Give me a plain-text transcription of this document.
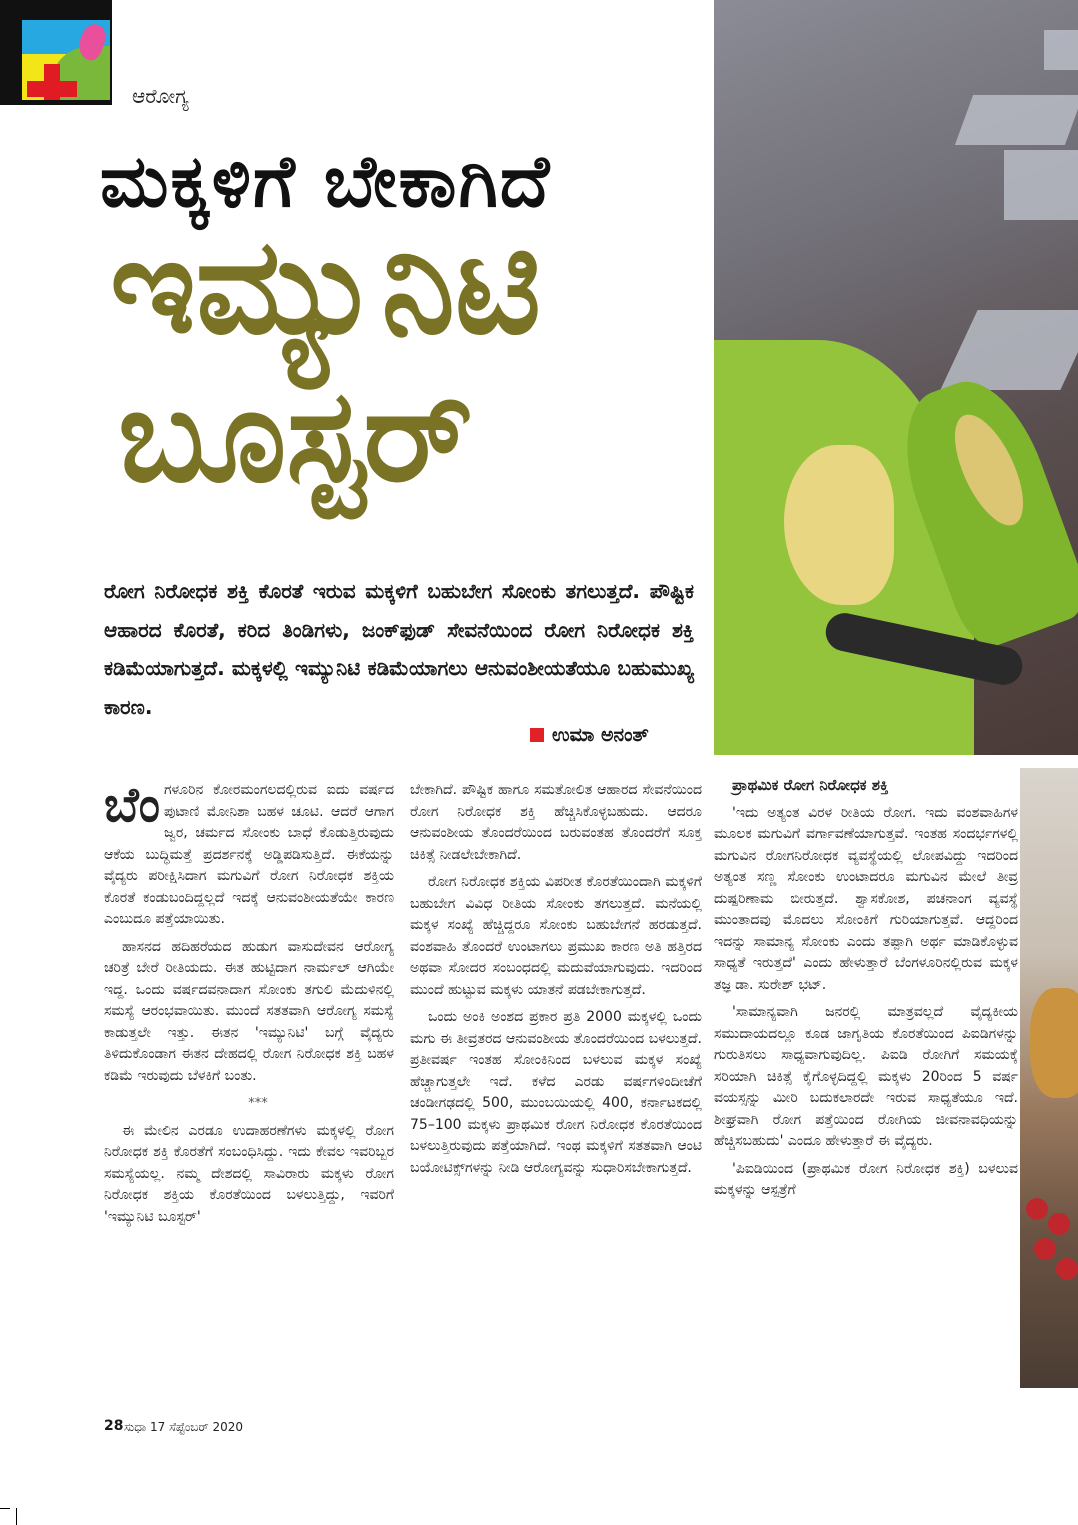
ಆರೋಗ್ಯ
ಮಕ್ಕಳಿಗೆ ಬೇಕಾಗಿದೆ
ಇಮ್ಯುನಿಟಿ
ಬೂಸ್ಟರ್
ರೋಗ ನಿರೋಧಕ ಶಕ್ತಿ ಕೊರತೆ ಇರುವ ಮಕ್ಕಳಿಗೆ ಬಹುಬೇಗ ಸೋಂಕು ತಗಲುತ್ತದೆ. ಪೌಷ್ಟಿಕ ಆಹಾರದ ಕೊರತೆ, ಕರಿದ ತಿಂಡಿಗಳು, ಜಂಕ್‌ಫುಡ್ ಸೇವನೆಯಿಂದ ರೋಗ ನಿರೋಧಕ ಶಕ್ತಿ ಕಡಿಮೆಯಾಗುತ್ತದೆ. ಮಕ್ಕಳಲ್ಲಿ ಇಮ್ಯುನಿಟಿ ಕಡಿಮೆಯಾಗಲು ಆನುವಂಶೀಯತೆಯೂ ಬಹುಮುಖ್ಯ ಕಾರಣ.
ಉಮಾ ಅನಂತ್

ಬೆಂಗಳೂರಿನ ಕೋರಮಂಗಲದಲ್ಲಿರುವ ಐದು ವರ್ಷದ ಪುಟಾಣಿ ಮೋನಿಶಾ ಬಹಳ ಚೂಟಿ. ಆದರೆ ಆಗಾಗ ಜ್ವರ, ಚರ್ಮದ ಸೋಂಕು ಬಾಧೆ ಕೊಡುತ್ತಿರುವುದು ಆಕೆಯ ಬುದ್ಧಿಮತ್ತೆ ಪ್ರದರ್ಶನಕ್ಕೆ ಅಡ್ಡಿಪಡಿಸುತ್ತಿದೆ. ಈಕೆಯನ್ನು ವೈದ್ಯರು ಪರೀಕ್ಷಿಸಿದಾಗ ಮಗುವಿಗೆ ರೋಗ ನಿರೋಧಕ ಶಕ್ತಿಯ ಕೊರತೆ ಕಂಡುಬಂದಿದ್ದಲ್ಲದೆ ಇದಕ್ಕೆ ಆನುವಂಶೀಯತೆಯೇ ಕಾರಣ ಎಂಬುದೂ ಪತ್ತೆಯಾಯಿತು.

ಹಾಸನದ ಹದಿಹರೆಯದ ಹುಡುಗ ವಾಸುದೇವನ ಆರೋಗ್ಯ ಚರಿತ್ರೆ ಬೇರೆ ರೀತಿಯದು. ಈತ ಹುಟ್ಟಿದಾಗ ನಾರ್ಮಲ್ ಆಗಿಯೇ ಇದ್ದ. ಒಂದು ವರ್ಷದವನಾದಾಗ ಸೋಂಕು ತಗುಲಿ ಮೆದುಳಿನಲ್ಲಿ ಸಮಸ್ಯೆ ಆರಂಭವಾಯಿತು. ಮುಂದೆ ಸತತವಾಗಿ ಆರೋಗ್ಯ ಸಮಸ್ಯೆ ಕಾಡುತ್ತಲೇ ಇತ್ತು. ಈತನ 'ಇಮ್ಯುನಿಟಿ' ಬಗ್ಗೆ ವೈದ್ಯರು ತಿಳಿದುಕೊಂಡಾಗ ಈತನ ದೇಹದಲ್ಲಿ ರೋಗ ನಿರೋಧಕ ಶಕ್ತಿ ಬಹಳ ಕಡಿಮೆ ಇರುವುದು ಬೆಳಕಿಗೆ ಬಂತು.

***

ಈ ಮೇಲಿನ ಎರಡೂ ಉದಾಹರಣೆಗಳು ಮಕ್ಕಳಲ್ಲಿ ರೋಗ ನಿರೋಧಕ ಶಕ್ತಿ ಕೊರತೆಗೆ ಸಂಬಂಧಿಸಿದ್ದು. ಇದು ಕೇವಲ ಇವರಿಬ್ಬರ ಸಮಸ್ಯೆಯಲ್ಲ. ನಮ್ಮ ದೇಶದಲ್ಲಿ ಸಾವಿರಾರು ಮಕ್ಕಳು ರೋಗ ನಿರೋಧಕ ಶಕ್ತಿಯ ಕೊರತೆಯಿಂದ ಬಳಲುತ್ತಿದ್ದು, ಇವರಿಗೆ 'ಇಮ್ಯುನಿಟಿ ಬೂಸ್ಟರ್'

ಬೇಕಾಗಿದೆ. ಪೌಷ್ಟಿಕ ಹಾಗೂ ಸಮತೋಲಿತ ಆಹಾರದ ಸೇವನೆಯಿಂದ ರೋಗ ನಿರೋಧಕ ಶಕ್ತಿ ಹೆಚ್ಚಿಸಿಕೊಳ್ಳಬಹುದು. ಆದರೂ ಆನುವಂಶೀಯ ತೊಂದರೆಯಿಂದ ಬರುವಂತಹ ತೊಂದರೆಗೆ ಸೂಕ್ತ ಚಿಕಿತ್ಸೆ ನೀಡಲೇಬೇಕಾಗಿದೆ.

ರೋಗ ನಿರೋಧಕ ಶಕ್ತಿಯ ವಿಪರೀತ ಕೊರತೆಯಿಂದಾಗಿ ಮಕ್ಕಳಿಗೆ ಬಹುಬೇಗ ವಿವಿಧ ರೀತಿಯ ಸೋಂಕು ತಗಲುತ್ತದೆ. ಮನೆಯಲ್ಲಿ ಮಕ್ಕಳ ಸಂಖ್ಯೆ ಹೆಚ್ಚಿದ್ದರೂ ಸೋಂಕು ಬಹುಬೇಗನೆ ಹರಡುತ್ತದೆ. ವಂಶವಾಹಿ ತೊಂದರೆ ಉಂಟಾಗಲು ಪ್ರಮುಖ ಕಾರಣ ಅತಿ ಹತ್ತಿರದ ಅಥವಾ ಸೋದರ ಸಂಬಂಧದಲ್ಲಿ ಮದುವೆಯಾಗುವುದು. ಇದರಿಂದ ಮುಂದೆ ಹುಟ್ಟುವ ಮಕ್ಕಳು ಯಾತನೆ ಪಡಬೇಕಾಗುತ್ತದೆ.

ಒಂದು ಅಂಕಿ ಅಂಶದ ಪ್ರಕಾರ ಪ್ರತಿ 2000 ಮಕ್ಕಳಲ್ಲಿ ಒಂದು ಮಗು ಈ ತೀವ್ರತರದ ಆನುವಂಶೀಯ ತೊಂದರೆಯಿಂದ ಬಳಲುತ್ತದೆ. ಪ್ರತೀವರ್ಷ ಇಂತಹ ಸೋಂಕಿನಿಂದ ಬಳಲುವ ಮಕ್ಕಳ ಸಂಖ್ಯೆ ಹೆಚ್ಚಾಗುತ್ತಲೇ ಇದೆ. ಕಳೆದ ಎರಡು ವರ್ಷಗಳಿಂದೀಚೆಗೆ ಚಂಡೀಗಢದಲ್ಲಿ 500, ಮುಂಬಯಿಯಲ್ಲಿ 400, ಕರ್ನಾಟಕದಲ್ಲಿ 75–100 ಮಕ್ಕಳು ಪ್ರಾಥಮಿಕ ರೋಗ ನಿರೋಧಕ ಕೊರತೆಯಿಂದ ಬಳಲುತ್ತಿರುವುದು ಪತ್ತೆಯಾಗಿದೆ. ಇಂಥ ಮಕ್ಕಳಿಗೆ ಸತತವಾಗಿ ಆಂಟಿ ಬಯೋಟಿಕ್ಸ್‌ಗಳನ್ನು ನೀಡಿ ಆರೋಗ್ಯವನ್ನು ಸುಧಾರಿಸಬೇಕಾಗುತ್ತದೆ.

ಪ್ರಾಥಮಿಕ ರೋಗ ನಿರೋಧಕ ಶಕ್ತಿ

'ಇದು ಅತ್ಯಂತ ವಿರಳ ರೀತಿಯ ರೋಗ. ಇದು ವಂಶವಾಹಿಗಳ ಮೂಲಕ ಮಗುವಿಗೆ ವರ್ಗಾವಣೆಯಾಗುತ್ತವೆ. ಇಂತಹ ಸಂದರ್ಭಗಳಲ್ಲಿ ಮಗುವಿನ ರೋಗನಿರೋಧಕ ವ್ಯವಸ್ಥೆಯಲ್ಲಿ ಲೋಪವಿದ್ದು ಇದರಿಂದ ಅತ್ಯಂತ ಸಣ್ಣ ಸೋಂಕು ಉಂಟಾದರೂ ಮಗುವಿನ ಮೇಲೆ ತೀವ್ರ ದುಷ್ಪರಿಣಾಮ ಬೀರುತ್ತದೆ. ಶ್ವಾಸಕೋಶ, ಪಚನಾಂಗ ವ್ಯವಸ್ಥೆ ಮುಂತಾದವು ಮೊದಲು ಸೋಂಕಿಗೆ ಗುರಿಯಾಗುತ್ತವೆ. ಆದ್ದರಿಂದ ಇದನ್ನು ಸಾಮಾನ್ಯ ಸೋಂಕು ಎಂದು ತಪ್ಪಾಗಿ ಅರ್ಥ ಮಾಡಿಕೊಳ್ಳುವ ಸಾಧ್ಯತೆ ಇರುತ್ತದೆ' ಎಂದು ಹೇಳುತ್ತಾರೆ ಬೆಂಗಳೂರಿನಲ್ಲಿರುವ ಮಕ್ಕಳ ತಜ್ಞ ಡಾ. ಸುರೇಶ್ ಭಟ್.

'ಸಾಮಾನ್ಯವಾಗಿ ಜನರಲ್ಲಿ ಮಾತ್ರವಲ್ಲದೆ ವೈದ್ಯಕೀಯ ಸಮುದಾಯದಲ್ಲೂ ಕೂಡ ಜಾಗೃತಿಯ ಕೊರತೆಯಿಂದ ಪಿಐಡಿಗಳನ್ನು ಗುರುತಿಸಲು ಸಾಧ್ಯವಾಗುವುದಿಲ್ಲ. ಪಿಐಡಿ ರೋಗಿಗೆ ಸಮಯಕ್ಕೆ ಸರಿಯಾಗಿ ಚಿಕಿತ್ಸೆ ಕೈಗೊಳ್ಳದಿದ್ದಲ್ಲಿ ಮಕ್ಕಳು 20ರಿಂದ 5 ವರ್ಷ ವಯಸ್ಸನ್ನು ಮೀರಿ ಬದುಕಲಾರದೇ ಇರುವ ಸಾಧ್ಯತೆಯೂ ಇದೆ. ಶೀಘ್ರವಾಗಿ ರೋಗ ಪತ್ತೆಯಿಂದ ರೋಗಿಯ ಜೀವನಾವಧಿಯನ್ನು ಹೆಚ್ಚಿಸಬಹುದು' ಎಂದೂ ಹೇಳುತ್ತಾರೆ ಈ ವೈದ್ಯರು.

'ಪಿಐಡಿಯಿಂದ (ಪ್ರಾಥಮಿಕ ರೋಗ ನಿರೋಧಕ ಶಕ್ತಿ) ಬಳಲುವ ಮಕ್ಕಳನ್ನು ಆಸ್ಪತ್ರೆಗೆ

28 ಸುಧಾ 17 ಸೆಪ್ಟೆಂಬರ್ 2020
